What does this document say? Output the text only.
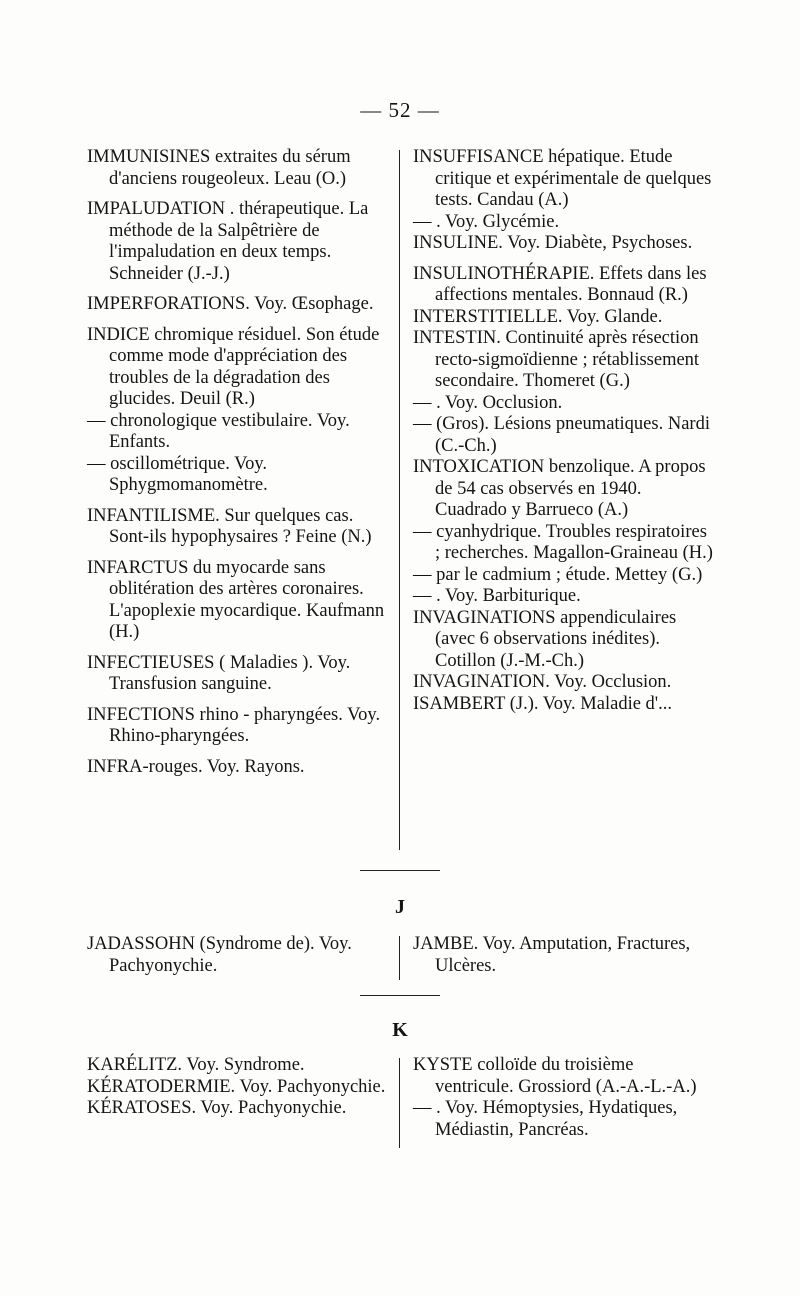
— 52 —

IMMUNISINES extraites du sérum d'anciens rougeoleux. Leau (O.)

IMPALUDATION . thérapeutique. La méthode de la Salpêtrière de l'impaludation en deux temps. Schneider (J.-J.)

IMPERFORATIONS. Voy. Œsophage.

INDICE chromique résiduel. Son étude comme mode d'appréciation des troubles de la dégradation des glucides. Deuil (R.)

— chronologique vestibulaire. Voy. Enfants.

— oscillométrique. Voy. Sphygmomanomètre.

INFANTILISME. Sur quelques cas. Sont-ils hypophysaires ? Feine (N.)

INFARCTUS du myocarde sans oblitération des artères coronaires. L'apoplexie myocardique. Kaufmann (H.)

INFECTIEUSES ( Maladies ). Voy. Transfusion sanguine.

INFECTIONS rhino - pharyngées. Voy. Rhino-pharyngées.

INFRA-rouges. Voy. Rayons.

INSUFFISANCE hépatique. Etude critique et expérimentale de quelques tests. Candau (A.)

— . Voy. Glycémie.

INSULINE. Voy. Diabète, Psychoses.

INSULINOTHÉRAPIE. Effets dans les affections mentales. Bonnaud (R.)

INTERSTITIELLE. Voy. Glande.

INTESTIN. Continuité après résection recto-sigmoïdienne ; rétablissement secondaire. Thomeret (G.)

— . Voy. Occlusion.

— (Gros). Lésions pneumatiques. Nardi (C.-Ch.)

INTOXICATION benzolique. A propos de 54 cas observés en 1940. Cuadrado y Barrueco (A.)

— cyanhydrique. Troubles respiratoires ; recherches. Magallon-Graineau (H.)

— par le cadmium ; étude. Mettey (G.)

— . Voy. Barbiturique.

INVAGINATIONS appendiculaires (avec 6 observations inédites). Cotillon (J.-M.-Ch.)

INVAGINATION. Voy. Occlusion.

ISAMBERT (J.). Voy. Maladie d'...

J

JADASSOHN (Syndrome de). Voy. Pachyonychie.

JAMBE. Voy. Amputation, Fractures, Ulcères.

K

KARÉLITZ. Voy. Syndrome.

KÉRATODERMIE. Voy. Pachyonychie.

KÉRATOSES. Voy. Pachyonychie.

KYSTE colloïde du troisième ventricule. Grossiord (A.-A.-L.-A.)

— . Voy. Hémoptysies, Hydatiques, Médiastin, Pancréas.
